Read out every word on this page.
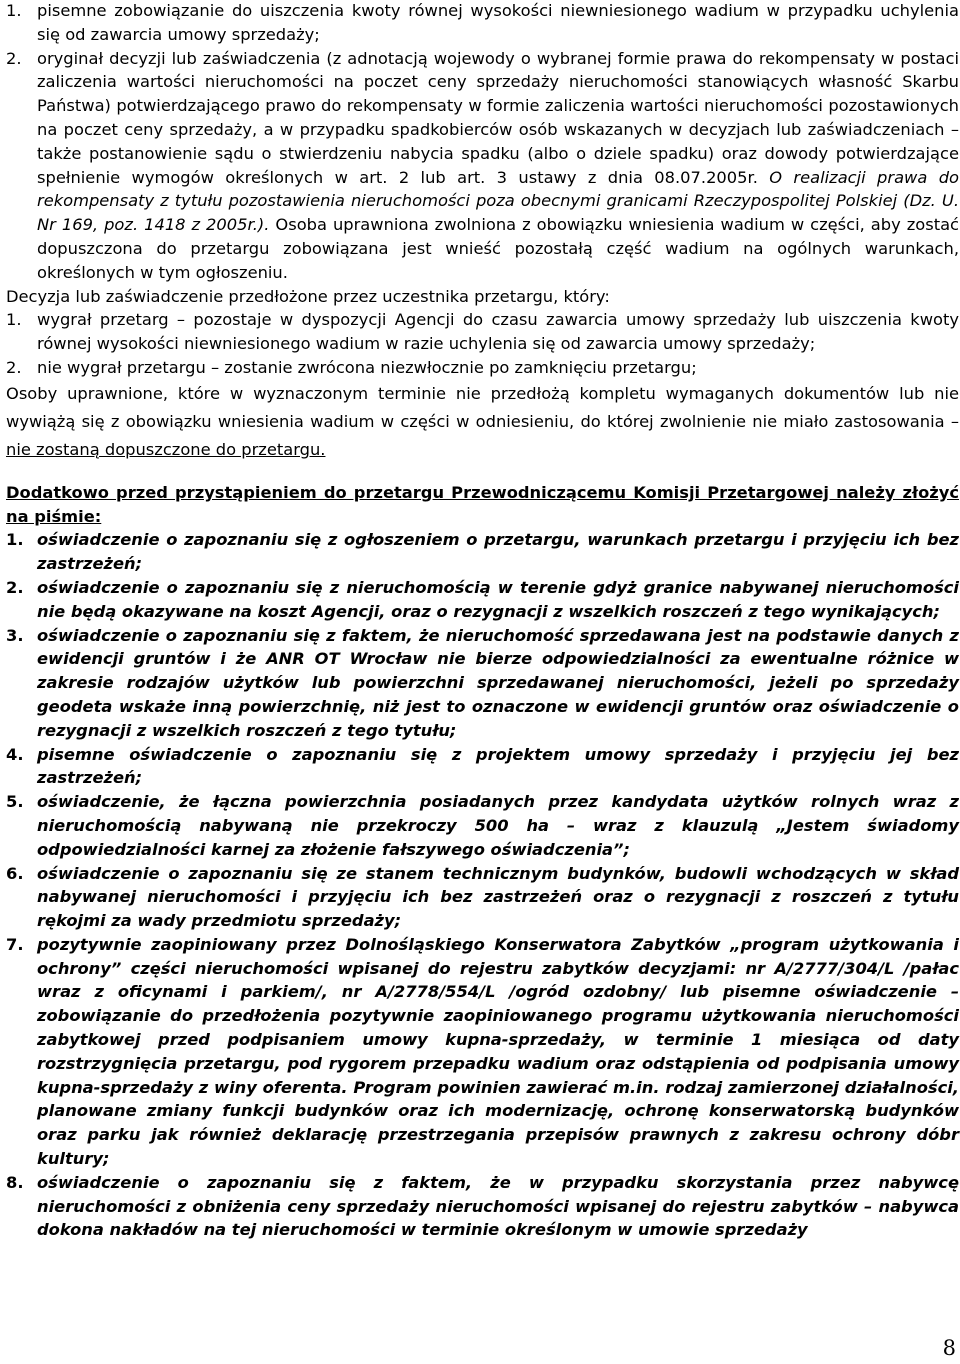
1. pisemne zobowiązanie do uiszczenia kwoty równej wysokości niewniesionego wadium w przypadku uchylenia się od zawarcia umowy sprzedaży;
2. oryginał decyzji lub zaświadczenia (z adnotacją wojewody o wybranej formie prawa do rekompensaty w postaci zaliczenia wartości nieruchomości na poczet ceny sprzedaży nieruchomości stanowiących własność Skarbu Państwa) potwierdzającego prawo do rekompensaty w formie zaliczenia wartości nieruchomości pozostawionych na poczet ceny sprzedaży, a w przypadku spadkobierców osób wskazanych w decyzjach lub zaświadczeniach – także postanowienie sądu o stwierdzeniu nabycia spadku (albo o dziele spadku) oraz dowody potwierdzające spełnienie wymogów określonych w art. 2 lub art. 3 ustawy z dnia 08.07.2005r. O realizacji prawa do rekompensaty z tytułu pozostawienia nieruchomości poza obecnymi granicami Rzeczypospolitej Polskiej (Dz. U. Nr 169, poz. 1418 z 2005r.). Osoba uprawniona zwolniona z obowiązku wniesienia wadium w części, aby zostać dopuszczona do przetargu zobowiązana jest wnieść pozostałą część wadium na ogólnych warunkach, określonych w tym ogłoszeniu.
Decyzja lub zaświadczenie przedłożone przez uczestnika przetargu, który:
1. wygrał przetarg – pozostaje w dyspozycji Agencji do czasu zawarcia umowy sprzedaży lub uiszczenia kwoty równej wysokości niewniesionego wadium w razie uchylenia się od zawarcia umowy sprzedaży;
2. nie wygrał przetargu – zostanie zwrócona niezwłocznie po zamknięciu przetargu;
Osoby uprawnione, które w wyznaczonym terminie nie przedłożą kompletu wymaganych dokumentów lub nie wywiążą się z obowiązku wniesienia wadium w części w odniesieniu, do której zwolnienie nie miało zastosowania – nie zostaną dopuszczone do przetargu.
Dodatkowo przed przystąpieniem do przetargu Przewodniczącemu Komisji Przetargowej należy złożyć na piśmie:
1. oświadczenie o zapoznaniu się z ogłoszeniem o przetargu, warunkach przetargu i przyjęciu ich bez zastrzeżeń;
2. oświadczenie o zapoznaniu się z nieruchomością w terenie gdyż granice nabywanej nieruchomości nie będą okazywane na koszt Agencji, oraz o rezygnacji z wszelkich roszczeń z tego wynikających;
3. oświadczenie o zapoznaniu się z faktem, że nieruchomość sprzedawana jest na podstawie danych z ewidencji gruntów i że ANR OT Wrocław nie bierze odpowiedzialności za ewentualne różnice w zakresie rodzajów użytków lub powierzchni sprzedawanej nieruchomości, jeżeli po sprzedaży geodeta wskaże inną powierzchnię, niż jest to oznaczone w ewidencji gruntów oraz oświadczenie o rezygnacji z wszelkich roszczeń z tego tytułu;
4. pisemne oświadczenie o zapoznaniu się z projektem umowy sprzedaży i przyjęciu jej bez zastrzeżeń;
5. oświadczenie, że łączna powierzchnia posiadanych przez kandydata użytków rolnych wraz z nieruchomością nabywaną nie przekroczy 500 ha – wraz z klauzulą „Jestem świadomy odpowiedzialności karnej za złożenie fałszywego oświadczenia”;
6. oświadczenie o zapoznaniu się ze stanem technicznym budynków, budowli wchodzących w skład nabywanej nieruchomości i przyjęciu ich bez zastrzeżeń oraz o rezygnacji z roszczeń z tytułu rękojmi za wady przedmiotu sprzedaży;
7. pozytywnie zaopiniowany przez Dolnośląskiego Konserwatora Zabytków „program użytkowania i ochrony” części nieruchomości wpisanej do rejestru zabytków decyzjami: nr A/2777/304/L /pałac wraz z oficynami i parkiem/, nr A/2778/554/L /ogród ozdobny/ lub pisemne oświadczenie – zobowiązanie do przedłożenia pozytywnie zaopiniowanego programu użytkowania nieruchomości zabytkowej przed podpisaniem umowy kupna-sprzedaży, w terminie 1 miesiąca od daty rozstrzygnięcia przetargu, pod rygorem przepadku wadium oraz odstąpienia od podpisania umowy kupna-sprzedaży z winy oferenta. Program powinien zawierać m.in. rodzaj zamierzonej działalności, planowane zmiany funkcji budynków oraz ich modernizację, ochronę konserwatorską budynków oraz parku jak również deklarację przestrzegania przepisów prawnych z zakresu ochrony dóbr kultury;
8. oświadczenie o zapoznaniu się z faktem, że w przypadku skorzystania przez nabywcę nieruchomości z obniżenia ceny sprzedaży nieruchomości wpisanej do rejestru zabytków – nabywca dokona nakładów na tej nieruchomości w terminie określonym w umowie sprzedaży
8
